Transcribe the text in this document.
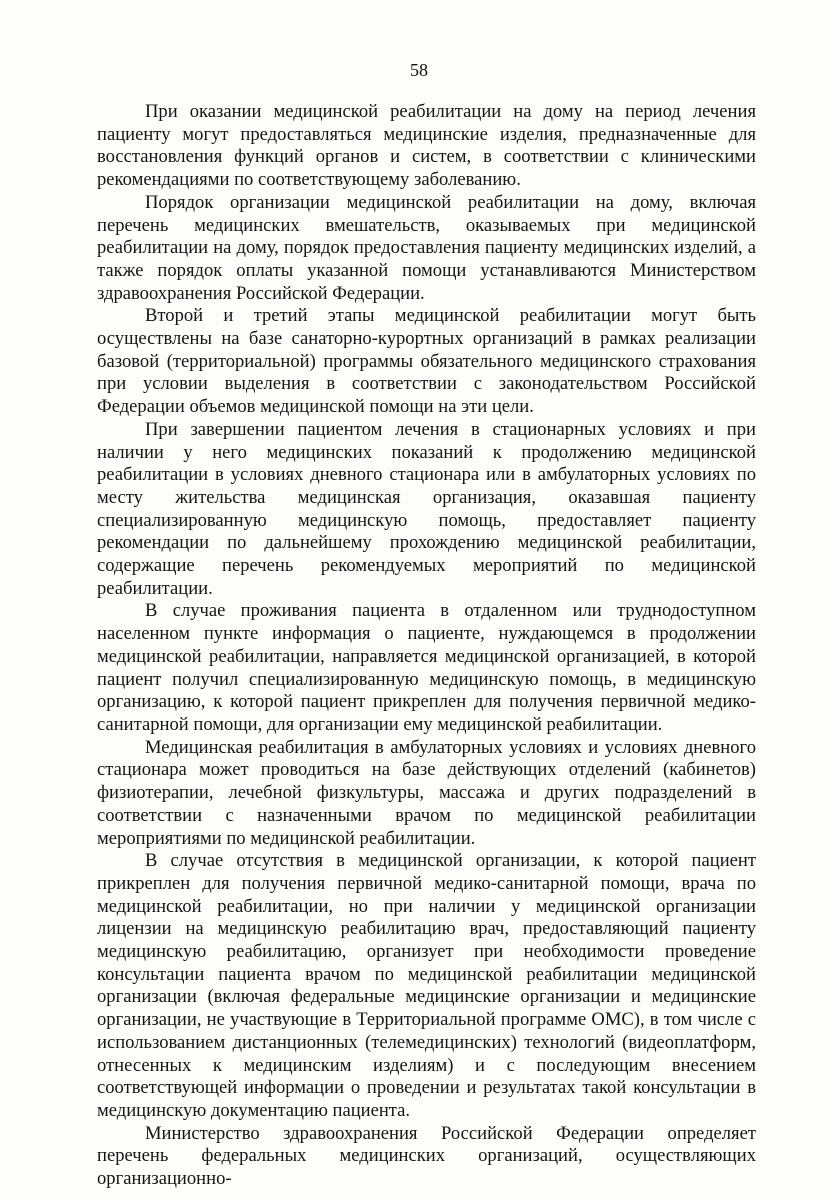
58

При оказании медицинской реабилитации на дому на период лечения пациенту могут предоставляться медицинские изделия, предназначенные для восстановления функций органов и систем, в соответствии с клиническими рекомендациями по соответствующему заболеванию.

Порядок организации медицинской реабилитации на дому, включая перечень медицинских вмешательств, оказываемых при медицинской реабилитации на дому, порядок предоставления пациенту медицинских изделий, а также порядок оплаты указанной помощи устанавливаются Министерством здравоохранения Российской Федерации.

Второй и третий этапы медицинской реабилитации могут быть осуществлены на базе санаторно-курортных организаций в рамках реализации базовой (территориальной) программы обязательного медицинского страхования при условии выделения в соответствии с законодательством Российской Федерации объемов медицинской помощи на эти цели.

При завершении пациентом лечения в стационарных условиях и при наличии у него медицинских показаний к продолжению медицинской реабилитации в условиях дневного стационара или в амбулаторных условиях по месту жительства медицинская организация, оказавшая пациенту специализированную медицинскую помощь, предоставляет пациенту рекомендации по дальнейшему прохождению медицинской реабилитации, содержащие перечень рекомендуемых мероприятий по медицинской реабилитации.

В случае проживания пациента в отдаленном или труднодоступном населенном пункте информация о пациенте, нуждающемся в продолжении медицинской реабилитации, направляется медицинской организацией, в которой пациент получил специализированную медицинскую помощь, в медицинскую организацию, к которой пациент прикреплен для получения первичной медико-санитарной помощи, для организации ему медицинской реабилитации.

Медицинская реабилитация в амбулаторных условиях и условиях дневного стационара может проводиться на базе действующих отделений (кабинетов) физиотерапии, лечебной физкультуры, массажа и других подразделений в соответствии с назначенными врачом по медицинской реабилитации мероприятиями по медицинской реабилитации.

В случае отсутствия в медицинской организации, к которой пациент прикреплен для получения первичной медико-санитарной помощи, врача по медицинской реабилитации, но при наличии у медицинской организации лицензии на медицинскую реабилитацию врач, предоставляющий пациенту медицинскую реабилитацию, организует при необходимости проведение консультации пациента врачом по медицинской реабилитации медицинской организации (включая федеральные медицинские организации и медицинские организации, не участвующие в Территориальной программе ОМС), в том числе с использованием дистанционных (телемедицинских) технологий (видеоплатформ, отнесенных к медицинским изделиям) и с последующим внесением соответствующей информации о проведении и результатах такой консультации в медицинскую документацию пациента.

Министерство здравоохранения Российской Федерации определяет перечень федеральных медицинских организаций, осуществляющих организационно-
